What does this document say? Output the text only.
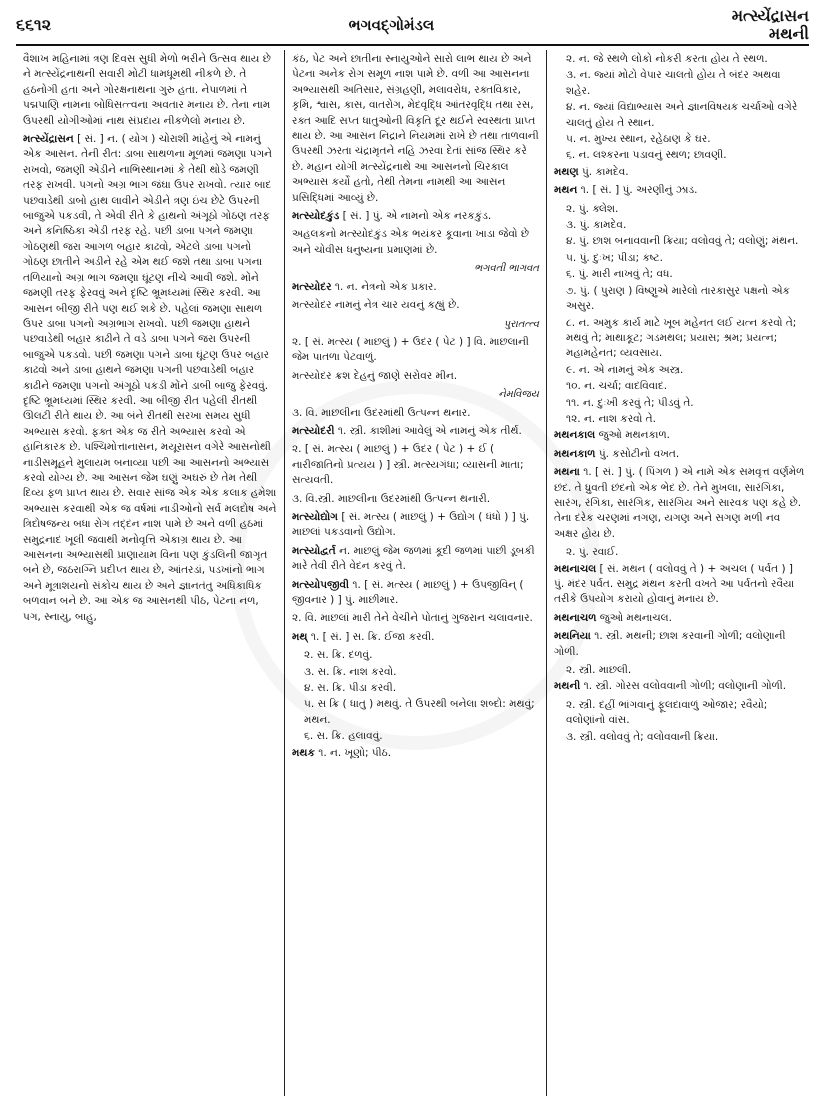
૬૬૧૨	ભગવદ્ગોમંડલ	મત્સ્યેંદ્રાસન
મથની
વૈશાખ મહિનામાં ત્રણ દિવસ સુધી મેળો ભરીને ઉત્સવ થાય છે ને મત્સ્યેંદ્રનાથની સવારી મોટી ધામધૂમથી નીકળે છે. તે હઠનોગી હતા અને ગોરક્ષનાથના ગુરુ હતા. નેપાળમાં તે પદ્મપાણિ નામના બોધિસત્ત્વના અવતાર મનાય છે. તેના નામ ઉપરથી યોગીઓમાં નાથ સંપ્રદાય નીકળેલો મનાય છે.
મત્સ્યેંદ્રાસન [ સં. ] ન. ( યોગ ) ચોરાશી માંહેનું એ નામનું એક આસન. તેની રીત: ડાબા સાથળના મૂળમાં જમણા પગને રાખવો, જમણી એડીને નાભિસ્થાનમાં કે તેથી થોડે જમણી તરફ રાખવી. પગનો અગ્ર ભાગ જંઘા ઉપર રાખવો. ત્યાર બાદ પછવાડેથી ડાબો હાથ લાવીને એડીને ત્રણ ઇંચ છેટે ઉપરની બાજુએ પકડવી, તે એવી રીતે કે હાથનો અંગૂઠો ગોઠણ તરફ અને કનિષ્ઠિકા એડી તરફ રહે. પછી ડાબા પગને જમણા ગોઠણથી જરા આગળ બહાર કાઢવો, એટલે ડાબા પગનો ગોઠણ છાતીને અડીને રહે એમ થઈ જશે તથા ડાબા પગના તળિયાનો અગ્ર ભાગ જમણા ઘૂંટણ નીચે આવી જશે. મોંને જમણી તરફ ફેરવવું અને દૃષ્ટિ ભ્રૂમધ્યમાં સ્થિર કરવી. આ આસન બીજી રીતે પણ થઈ શકે છે. પહેલાં જમણા સાથળ ઉપર ડાબા પગનો અગ્રભાગ રાખવો. પછી જમણા હાથને પછવાડેથી બહાર કાઢીને તે વડે ડાબા પગને જરા ઉપરની બાજુએ પકડવો. પછી જમણા પગને ડાબા ઘૂંટણ ઉપર બહાર કાઢવો અને ડાબા હાથને જમણા પગની પછવાડેથી બહાર કાઢીને જમણા પગનો અંગૂઠો પકડી મોંને ડાબી બાજુ ફેરવવું. દૃષ્ટિ ભ્રૂમધ્યમાં સ્થિર કરવી. આ બીજી રીત પહેલી રીતથી ઊલટી રીતે થાય છે. આ બંને રીતથી સરખા સમય સુધી અભ્યાસ કરવો. ફક્ત એક જ રીતે અભ્યાસ કરવો એ હાનિકારક છે. પશ્ચિમોત્તાનાસન, મયૂરાસન વગેરે આસનોથી નાડીસમૂહને મુલાયમ બનાવ્યા પછી આ આસનનો અભ્યાસ કરવો યોગ્ય છે. આ આસન જેમ ઘણું અઘરું છે તેમ તેથી દિવ્ય ફળ પ્રાપ્ત થાય છે. સવાર સાંજ એક એક કલાક હમેશા અભ્યાસ કરવાથી એક જ વર્ષમાં નાડીઓનો સર્વ મલદોષ અને ત્રિદોષજન્ય બધા રોગ તદ્દન નાશ પામે છે અને વળી હઠમાં સમુદ્રનાદ ખૂલી જવાથી મનોવૃત્તિ એકાગ્ર થાય છે. આ આસનના અભ્યાસથી પ્રાણાયામ વિના પણ કુંડલિની જાગૃત બને છે, જઠરાગ્નિ પ્રદીપ્ત થાય છે, આંતરડાં, પડખાંનો ભાગ અને મૂત્રાશયનો સંકોચ થાય છે અને જ્ઞાનતંતુ અધિકાધિક બળવાન બને છે. આ એક જ આસનથી પીઠ, પેટના નળ, પગ, સ્નાયુ, બાહુ,
કંઠ, પેટ અને છાતીના સ્નાયુઓને સારો લાભ થાય છે અને પેટના અનેક રોગ સમૂળ નાશ પામે છે. વળી આ આસનના અભ્યાસથી અતિસાર, સંગ્રહણી, મલાવરોધ, રક્તવિકાર, કૃમિ, શ્વાસ, કાસ, વાતરોગ, મેદવૃદ્ધિ આંતરવૃદ્ધિ તથા રસ, રક્ત આદિ સપ્ત ધાતુઓની વિકૃતિ દૂર થઈને સ્વસ્થતા પ્રાપ્ત થાય છે. આ આસન નિદ્રાને નિયમમાં રાખે છે તથા તાળવાની ઉપરથી ઝરતા ચંદ્રામૃતને નહિ ઝરવા દેતાં સાંજ સ્થિર કરે છે. મહાન યોગી મત્સ્યેંદ્રનાથે આ આસનનો ચિરકાલ અભ્યાસ કર્યો હતો, તેથી તેમના નામથી આ આસન પ્રસિદ્ધિમાં આવ્યું છે.
મત્સ્યોદકુંડ [ સં. ] પું. એ નામનો એક નરકકુંડ.
અહલકનો મત્સ્યોદકુંડ એક ભયંકર કૂવાના ખાડા જેવો છે અને ચોવીસ ધનુષ્યના પ્રમાણમાં છે.
ભગવતી ભાગવત
મત્સ્યોદર ૧. ન. નેત્રનો એક પ્રકાર.
મત્સ્યોદર નામનું નેત્ર ચાર યવનું કહ્યું છે.
પુરાતત્ત્વ
૨. [ સં. મત્સ્ય ( માછલું ) + ઉદર ( પેટ ) ] વિ. માછલાની જેમ પાતળા પેટવાળું.
મત્સ્યોદર ક્રશ દેહનું જાણે સરોવર મીન.
નેમવિજય
૩. વિ. માછલીના ઉદરમાંથી ઉત્પન્ન થનાર.
મત્સ્યોદરી ૧. સ્ત્રી. કાશીમાં આવેલું એ નામનું એક તીર્થ.
૨. [ સં. મત્સ્ય ( માછલું ) + ઉદર ( પેટ ) + ઈ ( નારીજાતિનો પ્રત્યય ) ] સ્ત્રી. મત્સ્યગંધા; વ્યાસની માતા; સત્યવતી.
૩. વિ.સ્ત્રી. માછલીના ઉદરમાંથી ઉત્પન્ન થનારી.
મત્સ્યોદ્યોગ [ સં. મત્સ્ય ( માછલું ) + ઉદ્યોગ ( ધંધો ) ] પું. માછલાં પકડવાનો ઉદ્યોગ.
મત્સ્યોદ્વર્ત ન. માછલું જેમ જળમાં કૂદી જળમાં પાછી ડૂબકી મારે તેવી રીતે વેદન કરવું તે.
મત્સ્યોપજીવી ૧. [ સં. મત્સ્ય ( માછલું ) + ઉપજીવિન્ ( જીવનાર ) ] પું. માછીમાર.
૨. વિ. માછલાં મારી તેને વેચીને પોતાનું ગુજરાન ચલાવનાર.
મથ્ ૧. [ સં. ] સ. ક્રિ. ઈજા કરવી.
૨. સ. ક્રિ. દળવું.
૩. સ. ક્રિ. નાશ કરવો.
૪. સ. ક્રિ. પીડા કરવી.
૫. સ ક્રિ ( ધાતુ ) મથવું. તે ઉપરથી બનેલા શબ્દો: મથવું; મથન.
૬. સ. ક્રિ. હલાવવું.
મથક ૧. ન. ખૂણો; પીઠ.
૨. ન. જે સ્થળે લોકો નોકરી કરતા હોય તે સ્થળ.
૩. ન. જ્યાં મોટો વેપાર ચાલતો હોય તે બંદર અથવા શહેર.
૪. ન. જ્યાં વિદ્યાભ્યાસ અને જ્ઞાનવિષયક ચર્ચાઓ વગેરે ચાલતું હોય તે સ્થાન.
૫. ન. મુખ્ય સ્થાન, રહેઠાણ કે ઘર.
૬. ન. લશ્કરના પડાવનું સ્થળ; છાવણી.
મથણ પું. કામદેવ.
મથન ૧. [ સં. ] પું. અરણીનું ઝાડ.
૨. પું. ક્લેશ.
૩. પું. કામદેવ.
૪. પું. છાશ બનાવવાની ક્રિયા; વલોવવું તે; વલોણું; મંથન.
૫. પું. દુઃખ; પીડા; કષ્ટ.
૬. પું. મારી નાખવું તે; વધ.
૭. પું. ( પુરાણ ) વિષ્ણુએ મારેલો તારકાસુર પક્ષનો એક અસુર.
૮. ન. અમુક કાર્ય માટે ખૂબ મહેનત લઈ યત્ન કરવો તે; મથવું તે; માથાકૂટ; ગડમથલ; પ્રયાસ; શ્રમ; પ્રયત્ન; મહામહેનત; વ્યવસાય.
૯. ન. એ નામનું એક અસ્ત્ર.
૧૦. ન. ચર્ચા; વાદવિવાદ.
૧૧. ન. દુઃખી કરવું તે; પીડવું તે.
૧૨. ન. નાશ કરવો તે.
મથનકાલ જુઓ મથનકાળ.
મથનકાળ પું. કસોટીનો વખત.
મથના ૧. [ સં. ] પું. ( પિંગળ ) એ નામે એક સમવૃત્ત વર્ણમેળ છંદ. તે ધ્રુવતી છંદનો એક ભેદ છે. તેને મુખલા, સારંગિકા, સારંગ, રંગિકા, સારંગિક, સારંગિય અને સારવક પણ કહે છે. તેના દરેક ચરણમાં નગણ, યગણ અને સગણ મળી નવ અક્ષર હોય છે.
૨. પું. રવાઈ.
મથનાચલ [ સં. મથન ( વલોવવું તે ) + અચલ ( પર્વત ) ] પું. મંદર પર્વત. સમુદ્ર મંથન કરતી વખતે આ પર્વતનો રવૈયા તરીકે ઉપયોગ કરાયો હોવાનું મનાય છે.
મથનાચળ જુઓ મથનાચલ.
મથનિયા ૧. સ્ત્રી. મથની; છાશ કરવાની ગોળી; વલોણાની ગોળી.
૨. સ્ત્રી. માછલી.
મથની ૧. સ્ત્રી. ગોરસ વલોવવાની ગોળી; વલોણાની ગોળી.
૨. સ્ત્રી. દહીં ભાંગવાનું ફૂલદાવાળું ઓજાર; રવૈયો; વલોણાંનો વાંસ.
૩. સ્ત્રી. વલોવવું તે; વલોવવાની ક્રિયા.
